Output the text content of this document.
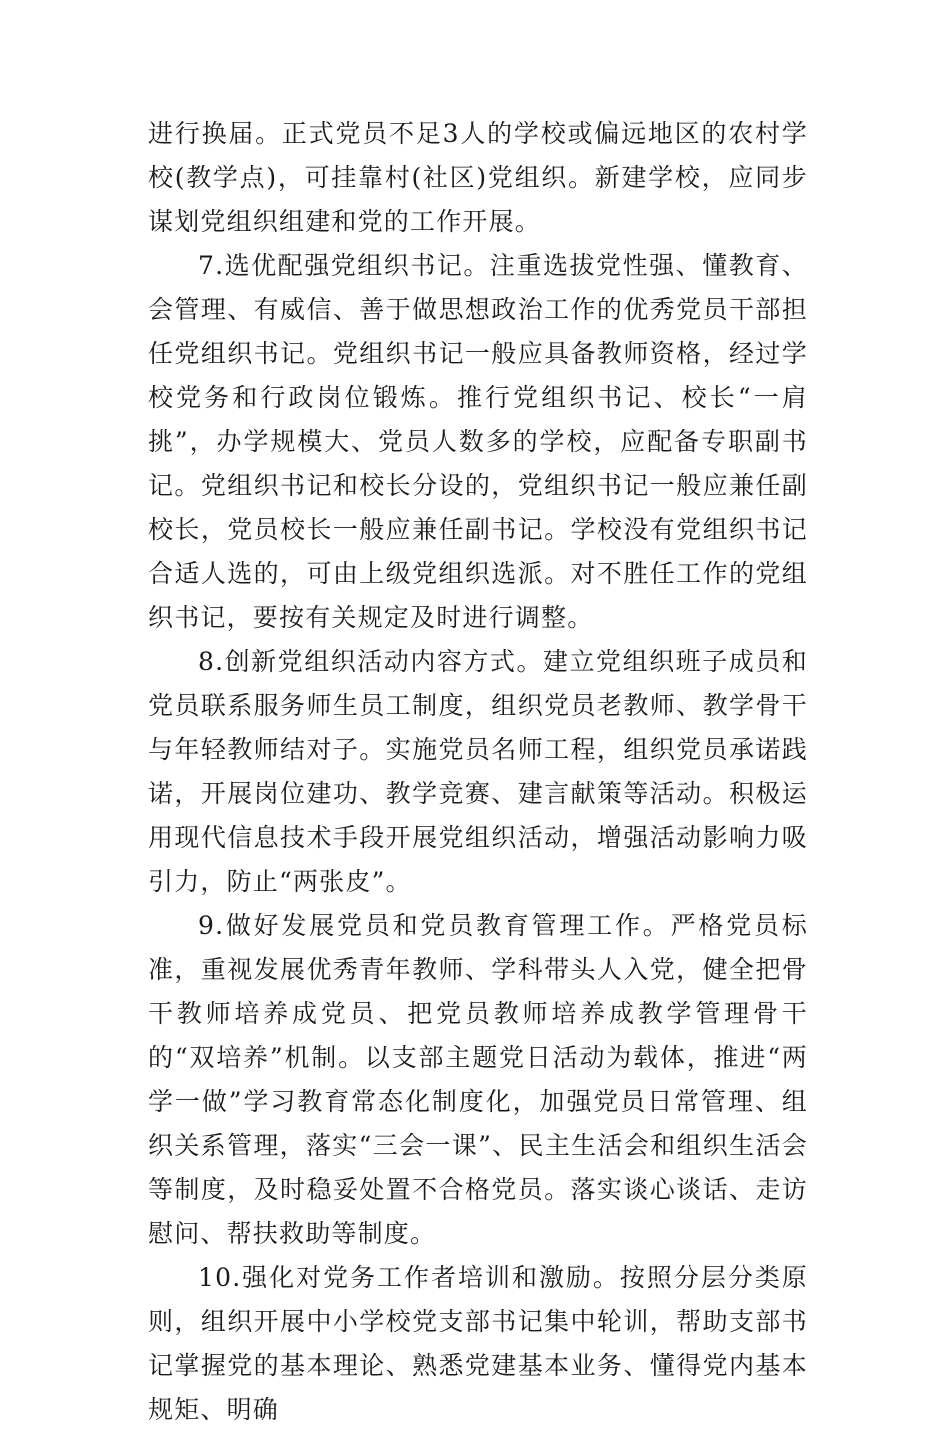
进行换届。正式党员不足3人的学校或偏远地区的农村学校(教学点)，可挂靠村(社区)党组织。新建学校，应同步谋划党组织组建和党的工作开展。

7.选优配强党组织书记。注重选拔党性强、懂教育、会管理、有威信、善于做思想政治工作的优秀党员干部担任党组织书记。党组织书记一般应具备教师资格，经过学校党务和行政岗位锻炼。推行党组织书记、校长“一肩挑”，办学规模大、党员人数多的学校，应配备专职副书记。党组织书记和校长分设的，党组织书记一般应兼任副校长，党员校长一般应兼任副书记。学校没有党组织书记合适人选的，可由上级党组织选派。对不胜任工作的党组织书记，要按有关规定及时进行调整。

8.创新党组织活动内容方式。建立党组织班子成员和党员联系服务师生员工制度，组织党员老教师、教学骨干与年轻教师结对子。实施党员名师工程，组织党员承诺践诺，开展岗位建功、教学竞赛、建言献策等活动。积极运用现代信息技术手段开展党组织活动，增强活动影响力吸引力，防止“两张皮”。

9.做好发展党员和党员教育管理工作。严格党员标准，重视发展优秀青年教师、学科带头人入党，健全把骨干教师培养成党员、把党员教师培养成教学管理骨干的“双培养”机制。以支部主题党日活动为载体，推进“两学一做”学习教育常态化制度化，加强党员日常管理、组织关系管理，落实“三会一课”、民主生活会和组织生活会等制度，及时稳妥处置不合格党员。落实谈心谈话、走访慰问、帮扶救助等制度。

10.强化对党务工作者培训和激励。按照分层分类原则，组织开展中小学校党支部书记集中轮训，帮助支部书记掌握党的基本理论、熟悉党建基本业务、懂得党内基本规矩、明确
